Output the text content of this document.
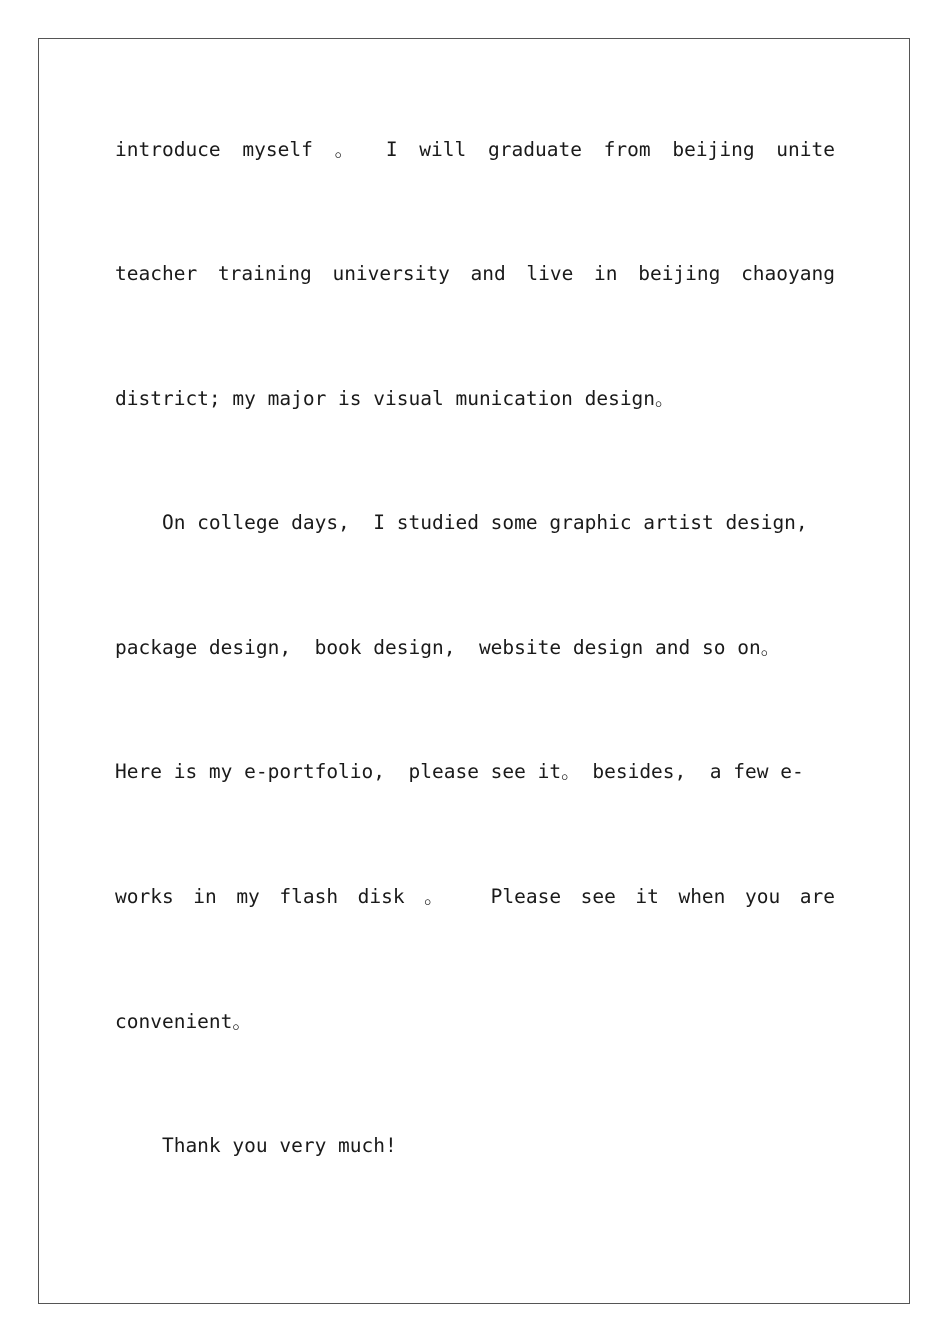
introduce myself 。 I will graduate from beijing unite
teacher training university and live in beijing chaoyang
district; my major is visual munication design。
On college days,  I studied some graphic artist design,
package design,  book design,  website design and so on。
Here is my e-portfolio,  please see it。 besides,  a few e-
works in my flash disk 。  Please see it when you are
convenient。
Thank you very much!
